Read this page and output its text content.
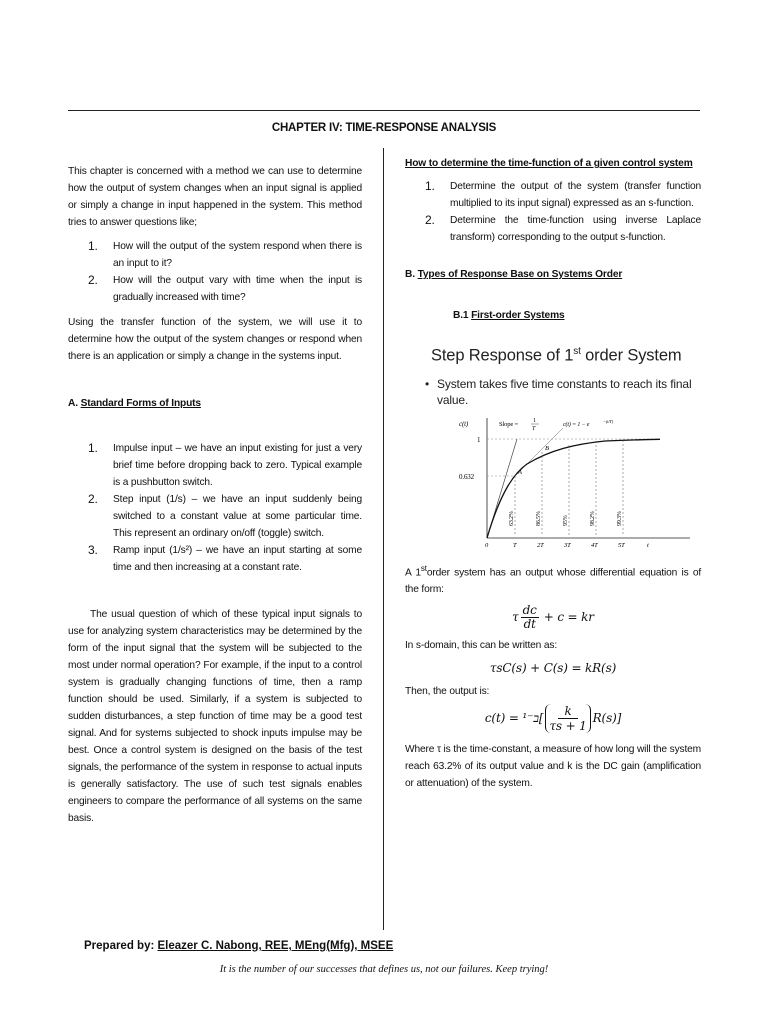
CHAPTER IV: TIME-RESPONSE ANALYSIS

This chapter is concerned with a method we can use to determine how the output of system changes when an input signal is applied or simply a change in input happened in the system. This method tries to answer questions like;

1. How will the output of the system respond when there is an input to it?
2. How will the output vary with time when the input is gradually increased with time?

Using the transfer function of the system, we will use it to determine how the output of the system changes or respond when there is an application or simply a change in the systems input.

A. Standard Forms of Inputs

1. Impulse input – we have an input existing for just a very brief time before dropping back to zero. Typical example is a pushbutton switch.
2. Step input (1/s) – we have an input suddenly being switched to a constant value at some particular time. This represent an ordinary on/off (toggle) switch.
3. Ramp input (1/s²) – we have an input starting at some time and then increasing at a constant rate.

The usual question of which of these typical input signals to use for analyzing system characteristics may be determined by the form of the input signal that the system will be subjected to the most under normal operation? For example, if the input to a control system is gradually changing functions of time, then a ramp function should be used. Similarly, if a system is subjected to sudden disturbances, a step function of time may be a good test signal. And for systems subjected to shock inputs impulse may be best. Once a control system is designed on the basis of the test signals, the performance of the system in response to actual inputs is generally satisfactory. The use of such test signals enables engineers to compare the performance of all systems on the same basis.

How to determine the time-function of a given control system

1. Determine the output of the system (transfer function multiplied to its input signal) expressed as an s-function.
2. Determine the time-function using inverse Laplace transform) corresponding to the output s-function.

B. Types of Response Base on Systems Order

B.1 First-order Systems

Step Response of 1st order System

• System takes five time constants to reach its final value.

c(t)
1
0.632
Slope = 1
T
c(t) = 1 − e
−(t/T)
A
B
63.2%	86.5%	95%	98.2%	99.3%
0	T	2T	3T	4T	5T	t

A 1storder system has an output whose differential equation is of the form:

τ $\frac{dc}{dt} + c$ = kr

In s-domain, this can be written as:

τsC(s) + C(s) = kR(s)

Then, the output is:

c(t) = ב⁻¹[ $\frac{k}{\tau s + 1} R(s)$]

Where τ is the time-constant, a measure of how long will the system reach 63.2% of its output value and k is the DC gain (amplification or attenuation) of the system.

Prepared by: Eleazer C. Nabong, REE, MEng(Mfg), MSEE
It is the number of our successes that defines us, not our failures. Keep trying!
